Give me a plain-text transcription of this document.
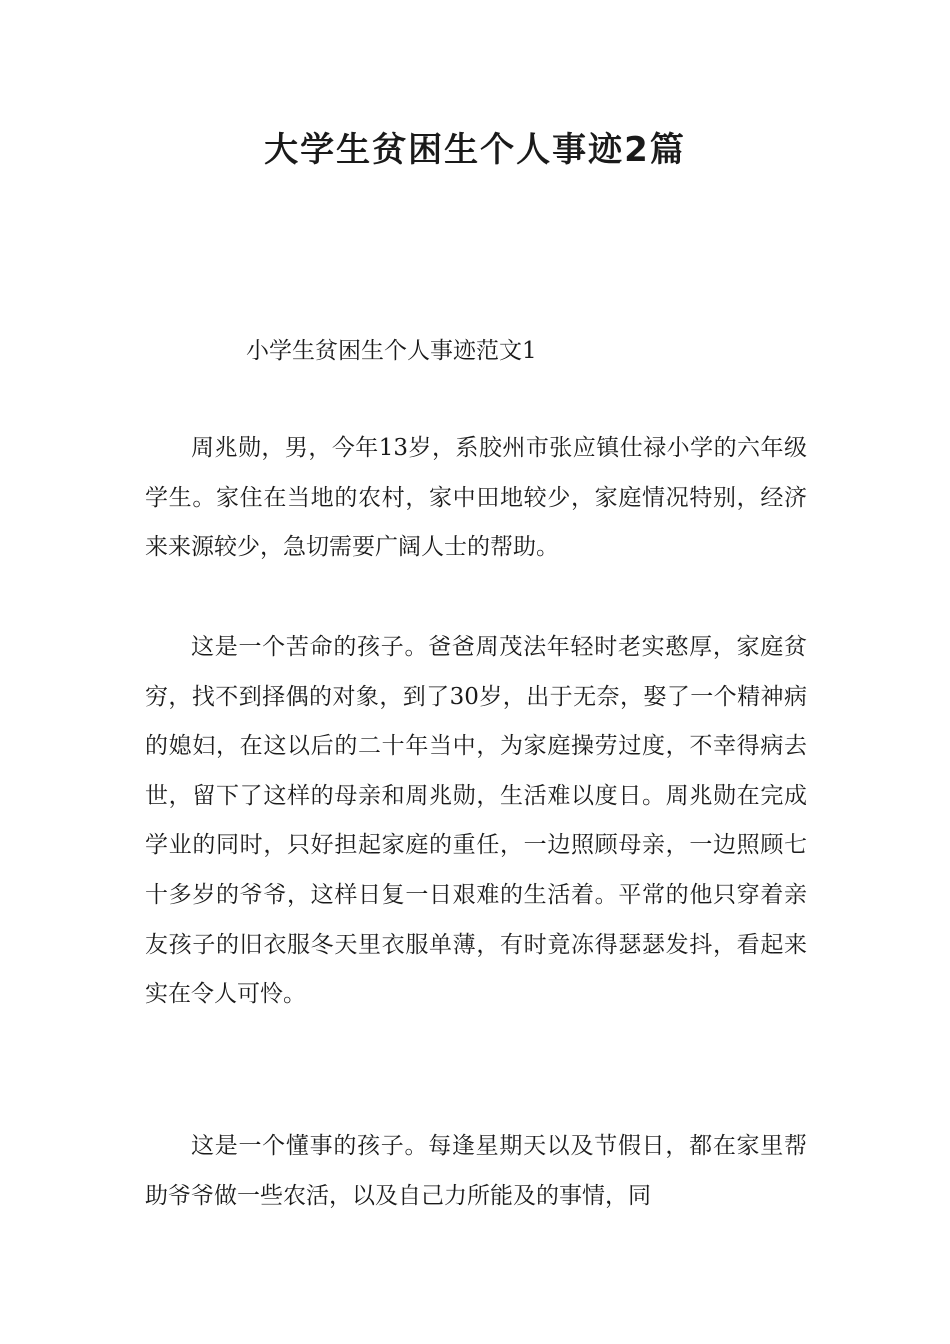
大学生贫困生个人事迹2篇

小学生贫困生个人事迹范文1

周兆勋，男，今年13岁，系胶州市张应镇仕禄小学的六年级学生。家住在当地的农村，家中田地较少，家庭情况特别，经济来来源较少，急切需要广阔人士的帮助。

这是一个苦命的孩子。爸爸周茂法年轻时老实憨厚，家庭贫穷，找不到择偶的对象，到了30岁，出于无奈，娶了一个精神病的媳妇，在这以后的二十年当中，为家庭操劳过度，不幸得病去世，留下了这样的母亲和周兆勋，生活难以度日。周兆勋在完成学业的同时，只好担起家庭的重任，一边照顾母亲，一边照顾七十多岁的爷爷，这样日复一日艰难的生活着。平常的他只穿着亲友孩子的旧衣服冬天里衣服单薄，有时竟冻得瑟瑟发抖，看起来实在令人可怜。

这是一个懂事的孩子。每逢星期天以及节假日，都在家里帮助爷爷做一些农活，以及自己力所能及的事情，同
